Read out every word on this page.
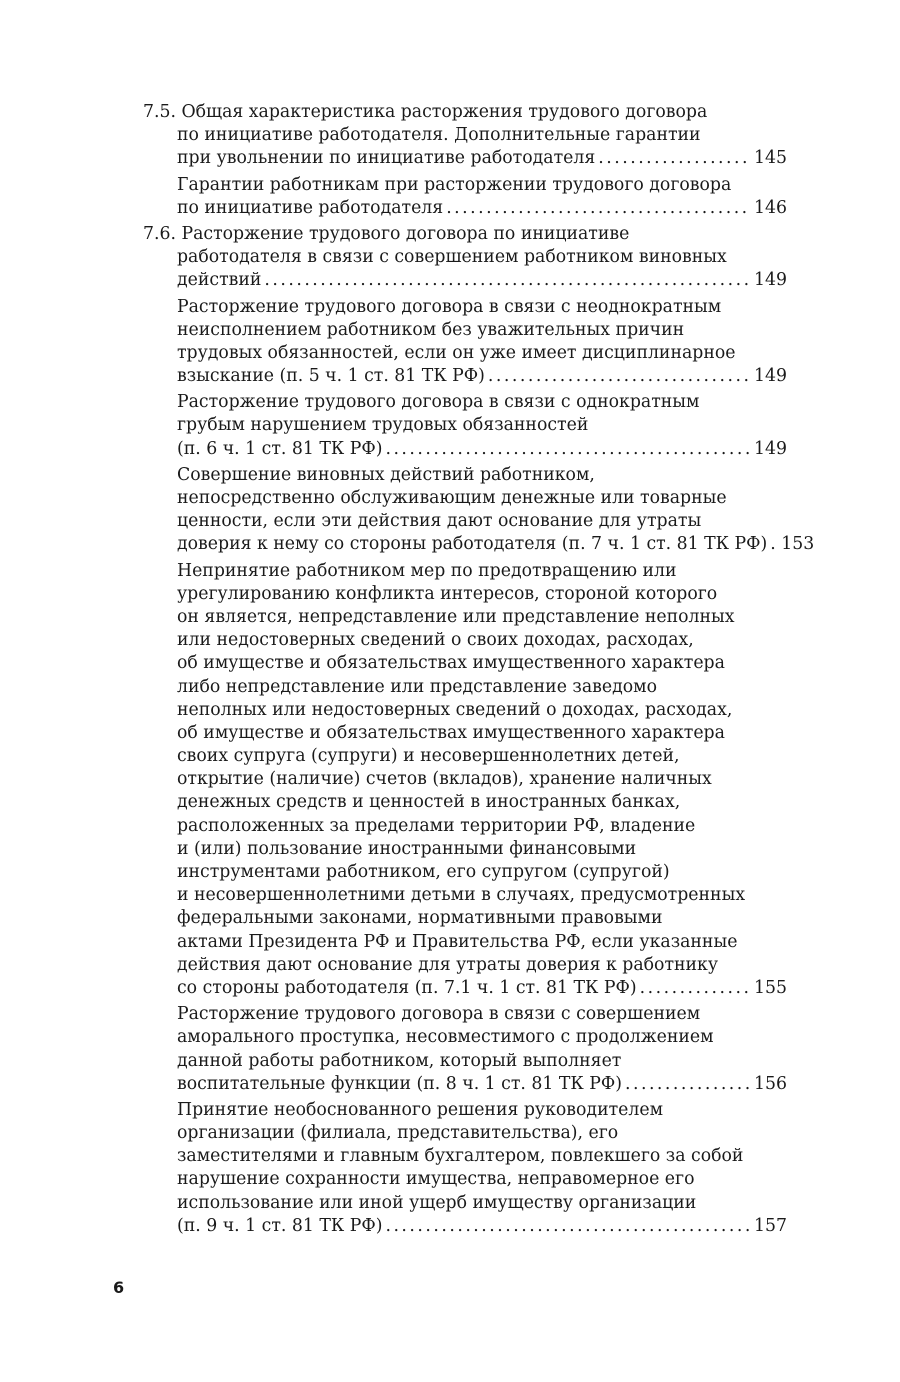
7.5. Общая характеристика расторжения трудового договора
по инициативе работодателя. Дополнительные гарантии
при увольнении по инициативе работодателя . . .	145
Гарантии работникам при расторжении трудового договора
по инициативе работодателя . . .	146
7.6. Расторжение трудового договора по инициативе
работодателя в связи с совершением работником виновных
действий . . .	149
Расторжение трудового договора в связи с неоднократным
неисполнением работником без уважительных причин
трудовых обязанностей, если он уже имеет дисциплинарное
взыскание (п. 5 ч. 1 ст. 81 ТК РФ) . . .	149
Расторжение трудового договора в связи с однократным
грубым нарушением трудовых обязанностей
(п. 6 ч. 1 ст. 81 ТК РФ) . . .	149
Совершение виновных действий работником,
непосредственно обслуживающим денежные или товарные
ценности, если эти действия дают основание для утраты
доверия к нему со стороны работодателя (п. 7 ч. 1 ст. 81 ТК РФ) . . . 153
Непринятие работником мер по предотвращению или
урегулированию конфликта интересов, стороной которого
он является, непредставление или представление неполных
или недостоверных сведений о своих доходах, расходах,
об имуществе и обязательствах имущественного характера
либо непредставление или представление заведомо
неполных или недостоверных сведений о доходах, расходах,
об имуществе и обязательствах имущественного характера
своих супруга (супруги) и несовершеннолетних детей,
открытие (наличие) счетов (вкладов), хранение наличных
денежных средств и ценностей в иностранных банках,
расположенных за пределами территории РФ, владение
и (или) пользование иностранными финансовыми
инструментами работником, его супругом (супругой)
и несовершеннолетними детьми в случаях, предусмотренных
федеральными законами, нормативными правовыми
актами Президента РФ и Правительства РФ, если указанные
действия дают основание для утраты доверия к работнику
со стороны работодателя (п. 7.1 ч. 1 ст. 81 ТК РФ) . . .	155
Расторжение трудового договора в связи с совершением
аморального проступка, несовместимого с продолжением
данной работы работником, который выполняет
воспитательные функции (п. 8 ч. 1 ст. 81 ТК РФ) . . .	156
Принятие необоснованного решения руководителем
организации (филиала, представительства), его
заместителями и главным бухгалтером, повлекшего за собой
нарушение сохранности имущества, неправомерное его
использование или иной ущерб имуществу организации
(п. 9 ч. 1 ст. 81 ТК РФ) . . .	157
6
